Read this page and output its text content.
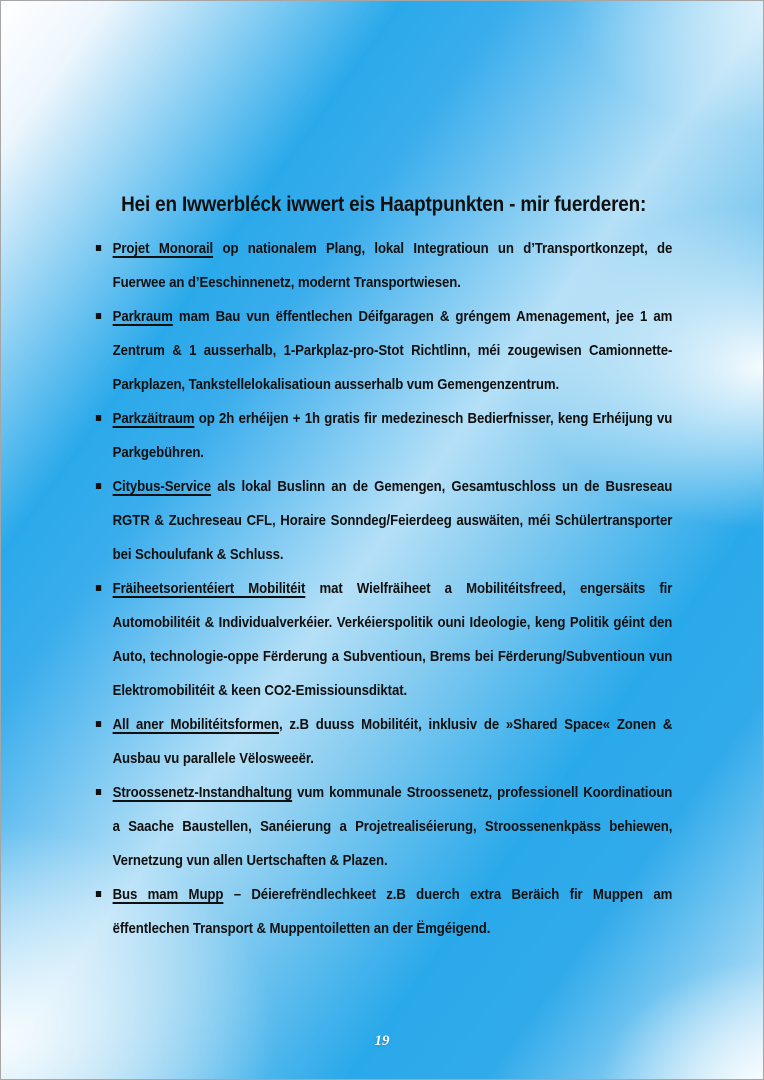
Hei en Iwwerbléck iwwert eis Haaptpunkten - mir fuerderen:

Projet Monorail op nationalem Plang, lokal Integratioun un d’Transportkonzept, de Fuerwee an d’Eeschinnenetz, modernt Transportwiesen.

Parkraum mam Bau vun ëffentlechen Déifgaragen & gréngem Amenagement, jee 1 am Zentrum & 1 ausserhalb, 1-Parkplaz-pro-Stot Richtlinn, méi zougewisen Camionnette-Parkplazen, Tankstellelokalisatioun ausserhalb vum Gemengenzentrum.

Parkzäitraum op 2h erhéijen + 1h gratis fir medezinesch Bedierfnisser, keng Erhéijung vu Parkgebühren.

Citybus-Service als lokal Buslinn an de Gemengen, Gesamtuschloss un de Busreseau RGTR & Zuchreseau CFL, Horaire Sonndeg/Feierdeeg auswäiten, méi Schülertransporter bei Schoulufank & Schluss.

Fräiheetsorientéiert Mobilitéit mat Wielfräiheet a Mobilitéitsfreed, engersäits fir Automobilitéit & Individualverkéier. Verkéierspolitik ouni Ideologie, keng Politik géint den Auto, technologie-oppe Fërderung a Subventioun, Brems bei Fërderung/Subventioun vun Elektromobilitéit & keen CO2-Emissiounsdiktat.

All aner Mobilitéitsformen, z.B duuss Mobilitéit, inklusiv de »Shared Space« Zonen & Ausbau vu parallele Vëlosweeër.

Stroossenetz-Instandhaltung vum kommunale Stroossenetz, professionell Koordinatioun a Saache Baustellen, Sanéierung a Projetrealiséierung, Stroossenenkpäss behiewen, Vernetzung vun allen Uertschaften & Plazen.

Bus mam Mupp – Déierefrëndlechkeet z.B duerch extra Beräich fir Muppen am ëffentlechen Transport & Muppentoiletten an der Ëmgéigend.

19
